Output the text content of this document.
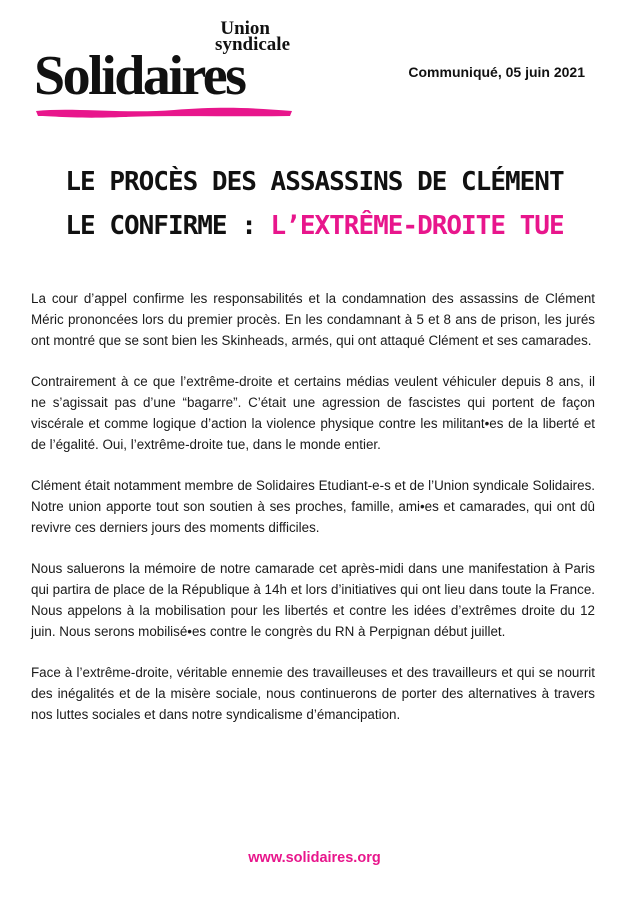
Union
syndicale
Solidaires	Communiqué, 05 juin 2021
LE PROCÈS DES ASSASSINS DE CLÉMENT
LE CONFIRME : L’EXTRÊME-DROITE TUE

La cour d’appel confirme les responsabilités et la condamnation des assassins de Clément Méric prononcées lors du premier procès. En les condamnant à 5 et 8 ans de prison, les jurés ont montré que se sont bien les Skinheads, armés, qui ont attaqué Clément et ses camarades.

Contrairement à ce que l’extrême-droite et certains médias veulent véhiculer depuis 8 ans, il ne s’agissait pas d’une “bagarre”. C’était une agression de fascistes qui portent de façon viscérale et comme logique d’action la violence physique contre les militant•es de la liberté et de l’égalité. Oui, l’extrême-droite tue, dans le monde entier.

Clément était notamment membre de Solidaires Etudiant-e-s et de l’Union syndicale Solidaires. Notre union apporte tout son soutien à ses proches, famille, ami•es et camarades, qui ont dû revivre ces derniers jours des moments difficiles.

Nous saluerons la mémoire de notre camarade cet après-midi dans une manifestation à Paris qui partira de place de la République à 14h et lors d’initiatives qui ont lieu dans toute la France. Nous appelons à la mobilisation pour les libertés et contre les idées d’extrêmes droite du 12 juin. Nous serons mobilisé•es contre le congrès du RN à Perpignan début juillet.

Face à l’extrême-droite, véritable ennemie des travailleuses et des travailleurs et qui se nourrit des inégalités et de la misère sociale, nous continuerons de porter des alternatives à travers nos luttes sociales et dans notre syndicalisme d’émancipation.

www.solidaires.org
